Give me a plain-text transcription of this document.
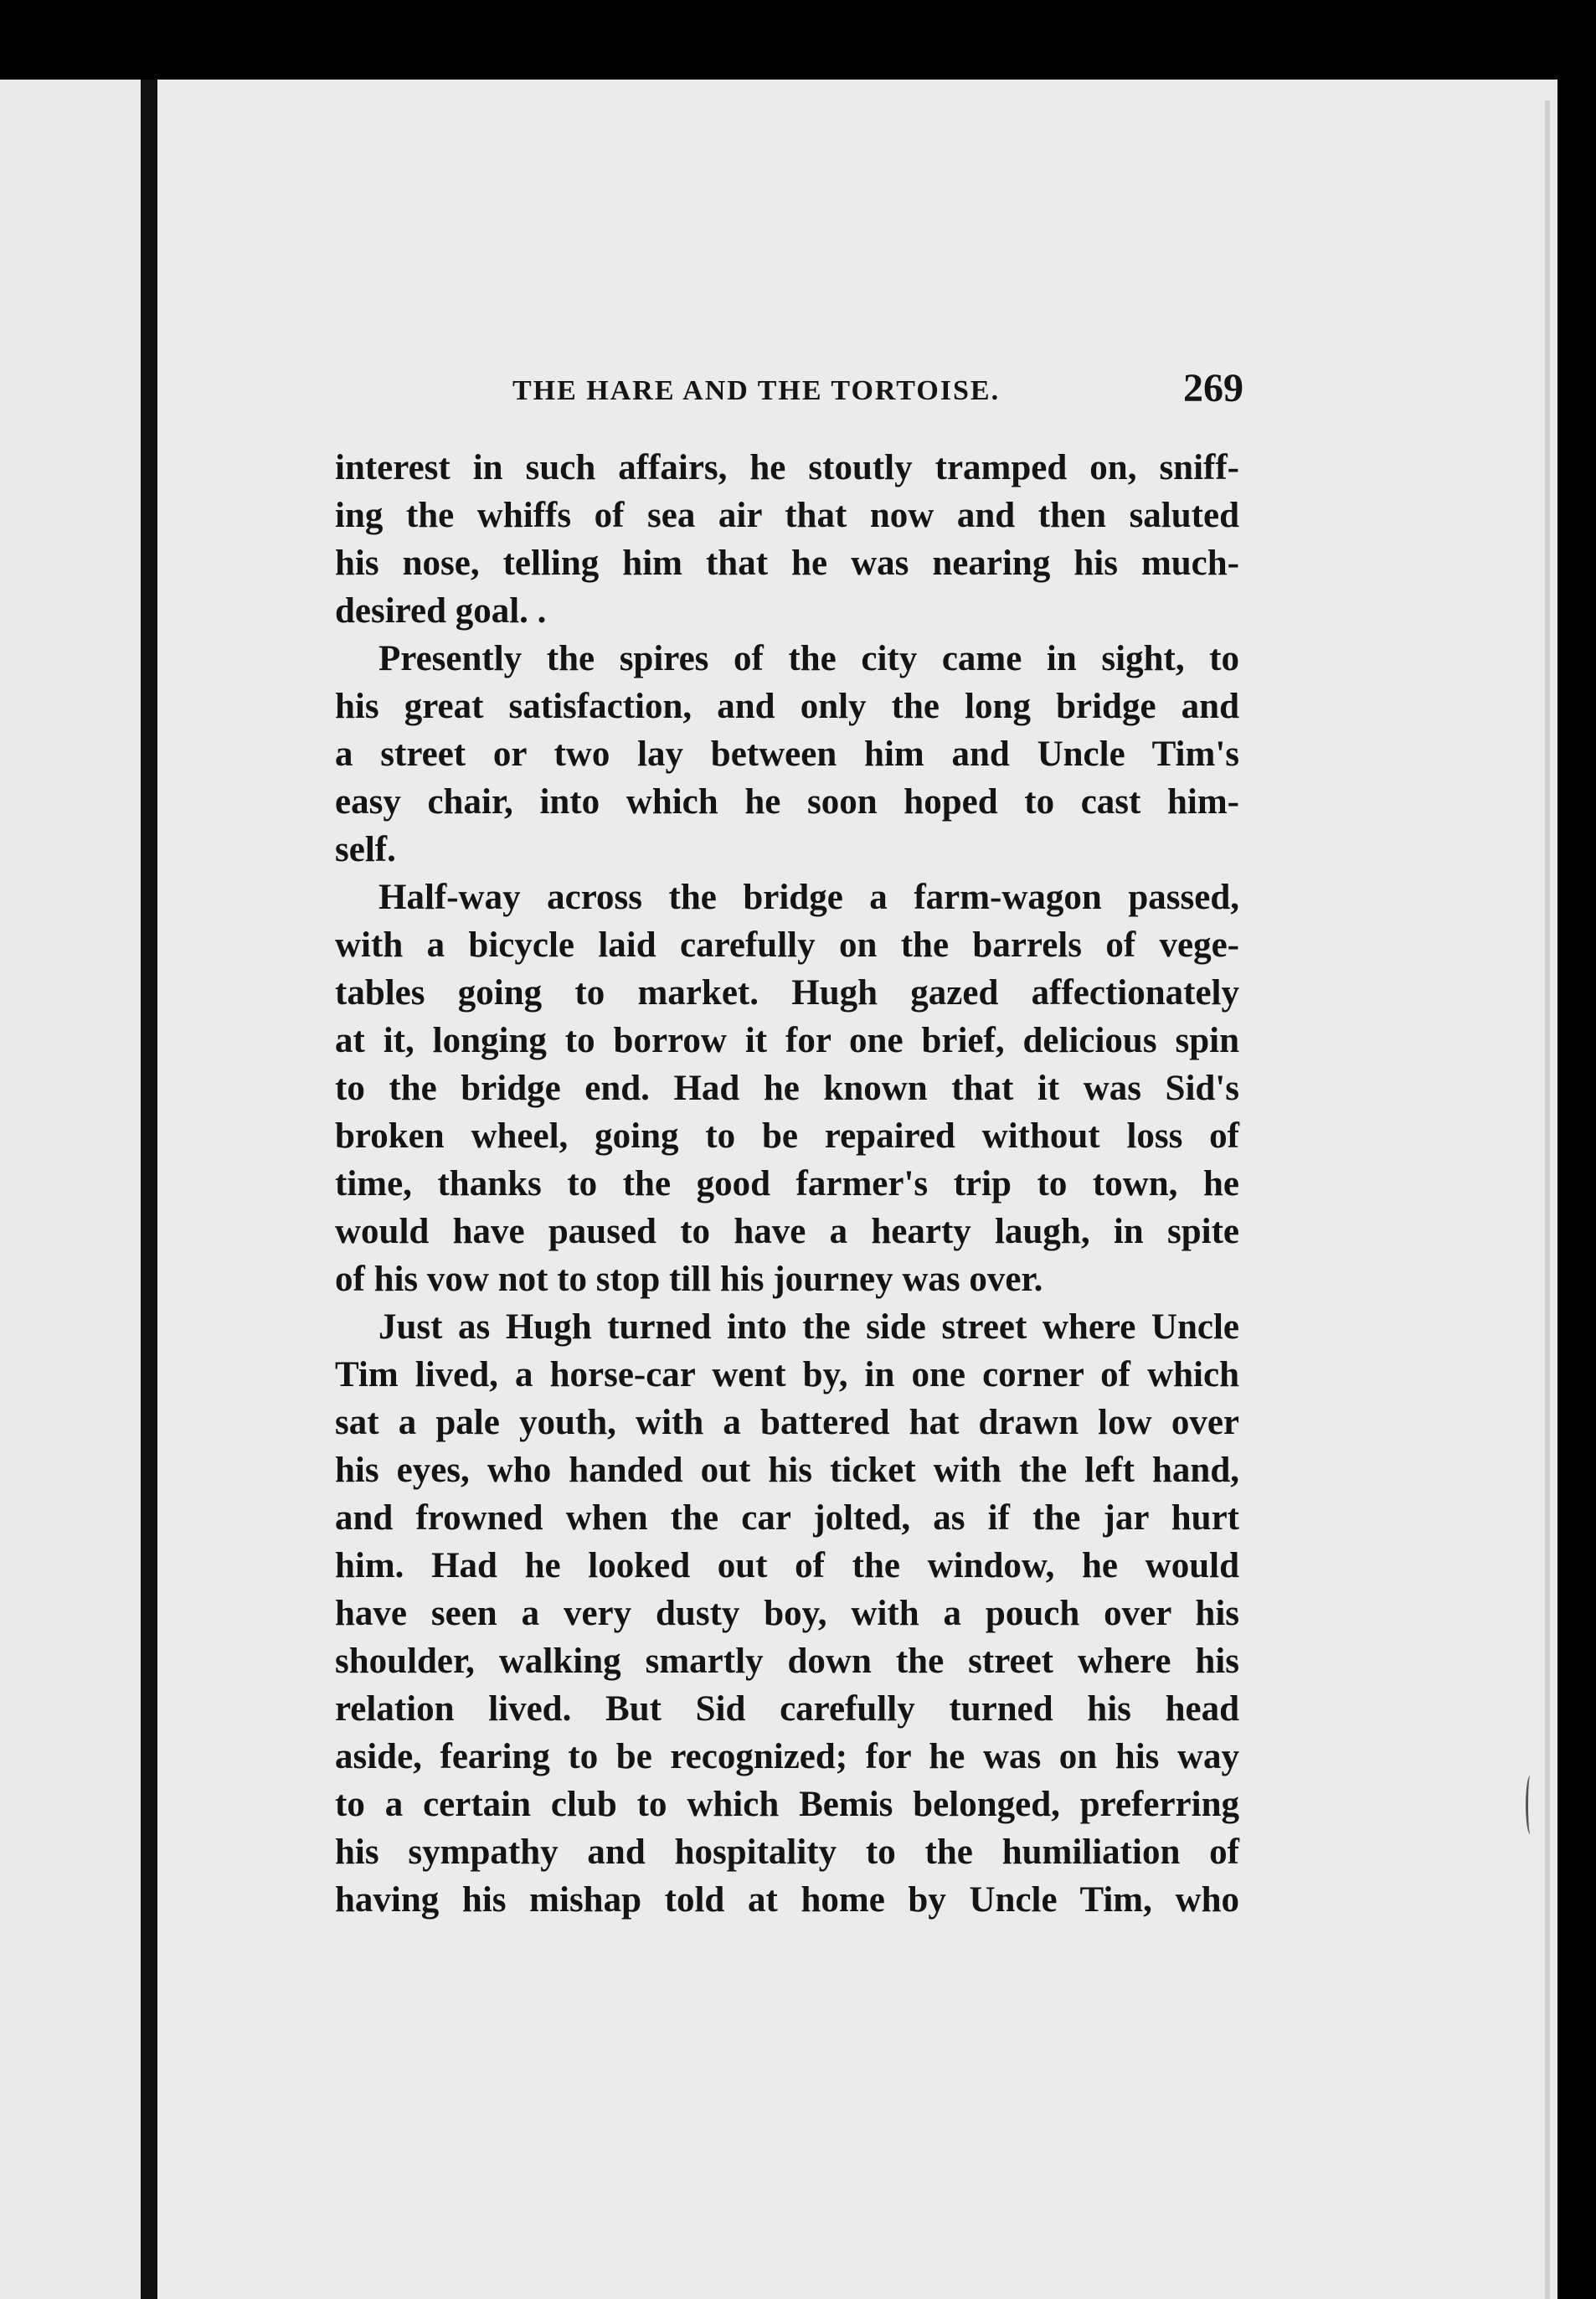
THE HARE AND THE TORTOISE.	269
interest in such affairs, he stoutly tramped on, sniff-
ing the whiffs of sea air that now and then saluted
his nose, telling him that he was nearing his much-
desired goal. .
Presently the spires of the city came in sight, to
his great satisfaction, and only the long bridge and
a street or two lay between him and Uncle Tim's
easy chair, into which he soon hoped to cast him-
self.
Half-way across the bridge a farm-wagon passed,
with a bicycle laid carefully on the barrels of vege-
tables going to market. Hugh gazed affectionately
at it, longing to borrow it for one brief, delicious spin
to the bridge end. Had he known that it was Sid's
broken wheel, going to be repaired without loss of
time, thanks to the good farmer's trip to town, he
would have paused to have a hearty laugh, in spite
of his vow not to stop till his journey was over.
Just as Hugh turned into the side street where Uncle
Tim lived, a horse-car went by, in one corner of which
sat a pale youth, with a battered hat drawn low over
his eyes, who handed out his ticket with the left hand,
and frowned when the car jolted, as if the jar hurt
him. Had he looked out of the window, he would
have seen a very dusty boy, with a pouch over his
shoulder, walking smartly down the street where his
relation lived. But Sid carefully turned his head
aside, fearing to be recognized; for he was on his way
to a certain club to which Bemis belonged, preferring
his sympathy and hospitality to the humiliation of
having his mishap told at home by Uncle Tim, who
